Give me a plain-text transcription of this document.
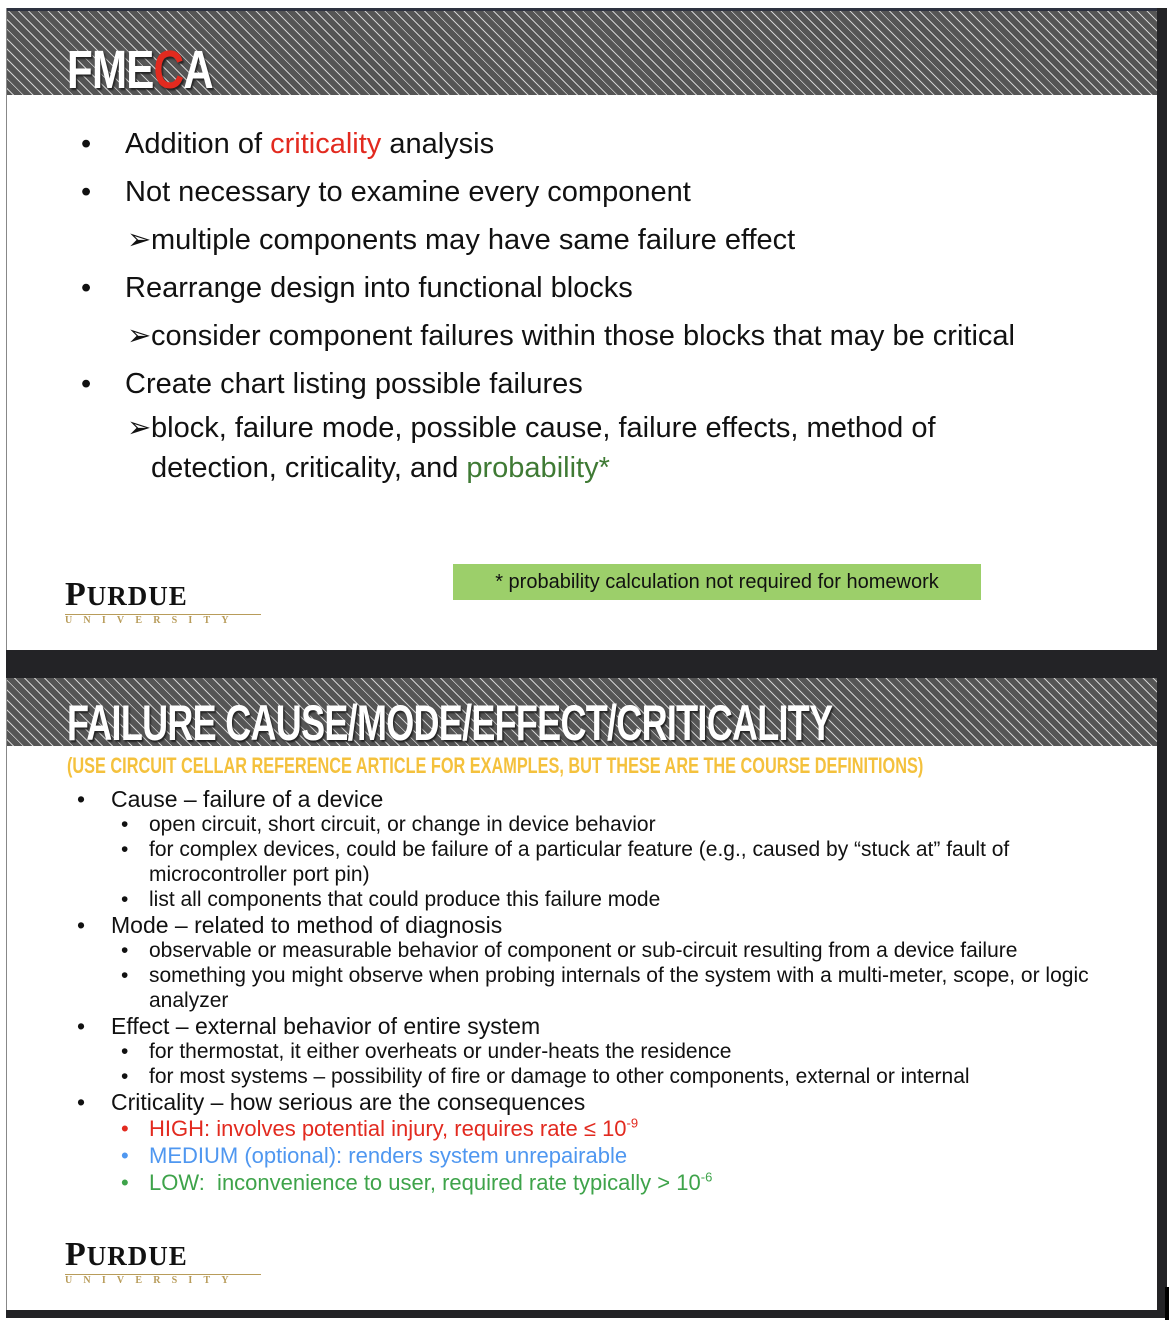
FMECA
• Addition of criticality analysis
• Not necessary to examine every component
➢multiple components may have same failure effect
• Rearrange design into functional blocks
➢consider component failures within those blocks that may be critical
• Create chart listing possible failures
➢block, failure mode, possible cause, failure effects, method of
detection, criticality, and probability*
PURDUE
UNIVERSITY
* probability calculation not required for homework
FAILURE CAUSE/MODE/EFFECT/CRITICALITY
(USE CIRCUIT CELLAR REFERENCE ARTICLE FOR EXAMPLES, BUT THESE ARE THE COURSE DEFINITIONS)
• Cause – failure of a device
• open circuit, short circuit, or change in device behavior
• for complex devices, could be failure of a particular feature (e.g., caused by “stuck at” fault of microcontroller port pin)
• list all components that could produce this failure mode
• Mode – related to method of diagnosis
• observable or measurable behavior of component or sub-circuit resulting from a device failure
• something you might observe when probing internals of the system with a multi-meter, scope, or logic analyzer
• Effect – external behavior of entire system
• for thermostat, it either overheats or under-heats the residence
• for most systems – possibility of fire or damage to other components, external or internal
• Criticality – how serious are the consequences
• HIGH: involves potential injury, requires rate ≤ $10^{-9}$
• MEDIUM (optional): renders system unrepairable
• LOW:  inconvenience to user, required rate typically > $10^{-6}$
PURDUE
UNIVERSITY
